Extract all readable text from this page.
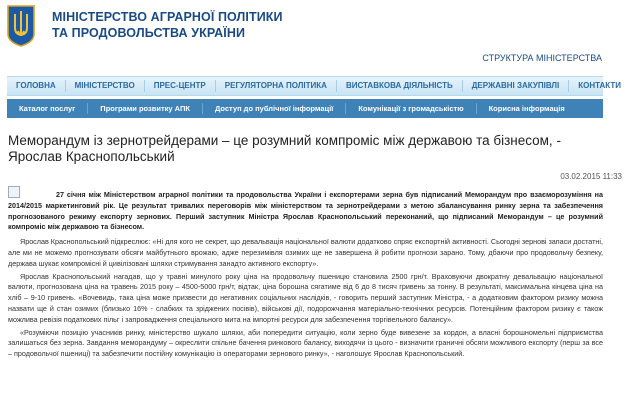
МІНІСТЕРСТВО АГРАРНОЇ ПОЛІТИКИ
ТА ПРОДОВОЛЬСТВА УКРАЇНИ
СТРУКТУРА МІНІСТЕРСТВА
ГОЛОВНА	МІНІСТЕРСТВО	ПРЕС-ЦЕНТР	РЕГУЛЯТОРНА ПОЛІТИКА	ВИСТАВКОВА ДІЯЛЬНІСТЬ	ДЕРЖАВНІ ЗАКУПІВЛІ	КОНТАКТИ
Каталог послуг	Програми розвитку АПК	Доступ до публічної інформації	Комунікації з громадськістю	Корисна інформація
Меморандум із зернотрейдерами – це розумний компроміс між державою та бізнесом, - Ярослав Краснопольський
03.02.2015 11:33

27 січня між Міністерством аграрної політики та продовольства України і експортерами зерна був підписаний Меморандум про взаєморозуміння на 2014/2015 маркетинговий рік. Це результат тривалих переговорів між міністерством та зернотрейдерами з метою збалансування ринку зерна та забезпечення прогнозованого режиму експорту зернових. Перший заступник Міністра Ярослав Краснопольський переконаний, що підписаний Меморандум – це розумний компроміс між державою та бізнесом.

Ярослав Краснопольський підкреслює: «Ні для кого не секрет, що девальвація національної валюти додатково спряє експортній активності. Сьогодні зернові запаси достатні, але ми не можемо прогнозувати обсяги майбутнього врожаю, адже перезимівля озимих ще не завершена й робити прогнози зарано. Тому, дбаючи про продовольчу безпеку, держава шукає компромісні й цивілізовані шляхи стримування занадто активного експорту».

Ярослав Краснопольський нагадав, що у травні минулого року ціна на продовольчу пшеницю становила 2500 грн/т. Враховуючи двократну девальвацію національної валюти, прогнозована ціна на травень 2015 року – 4500-5000 грн/т, відтак, ціна борошна сягатиме від 6 до 8 тисяч гривень за тонну. В результаті, максимальна кінцева ціна на хліб – 9-10 гривень. «Вочевидь, така ціна може призвести до негативних соціальних наслідків, - говорить перший заступник Міністра, - а додатковим фактором ризику можна назвати ще й стан озимих (близько 16% - слабких та зріджених посівів), військові дії, подорожчання матеріально-технічних ресурсів. Потенційним фактором ризику є також можлива ревізія податкових пільг і запровадження спеціального мита на імпортні ресурси для забезпечення торгівельного балансу».

«Розуміючи позицію учасників ринку, міністерство шукало шляхи, аби попередити ситуацію, коли зерно буде вивезене за кордон, а власні борошномельні підприємства залишаться без зерна. Завдання меморандуму – окреслити спільне бачення ринкового балансу, виходячи із цього - визначити граничні обсяги можливого експорту (перш за все – продовольчої пшениці) та забезпечити постійну комунікацію із операторами зернового ринку», - наголошує Ярослав Краснопольський.
